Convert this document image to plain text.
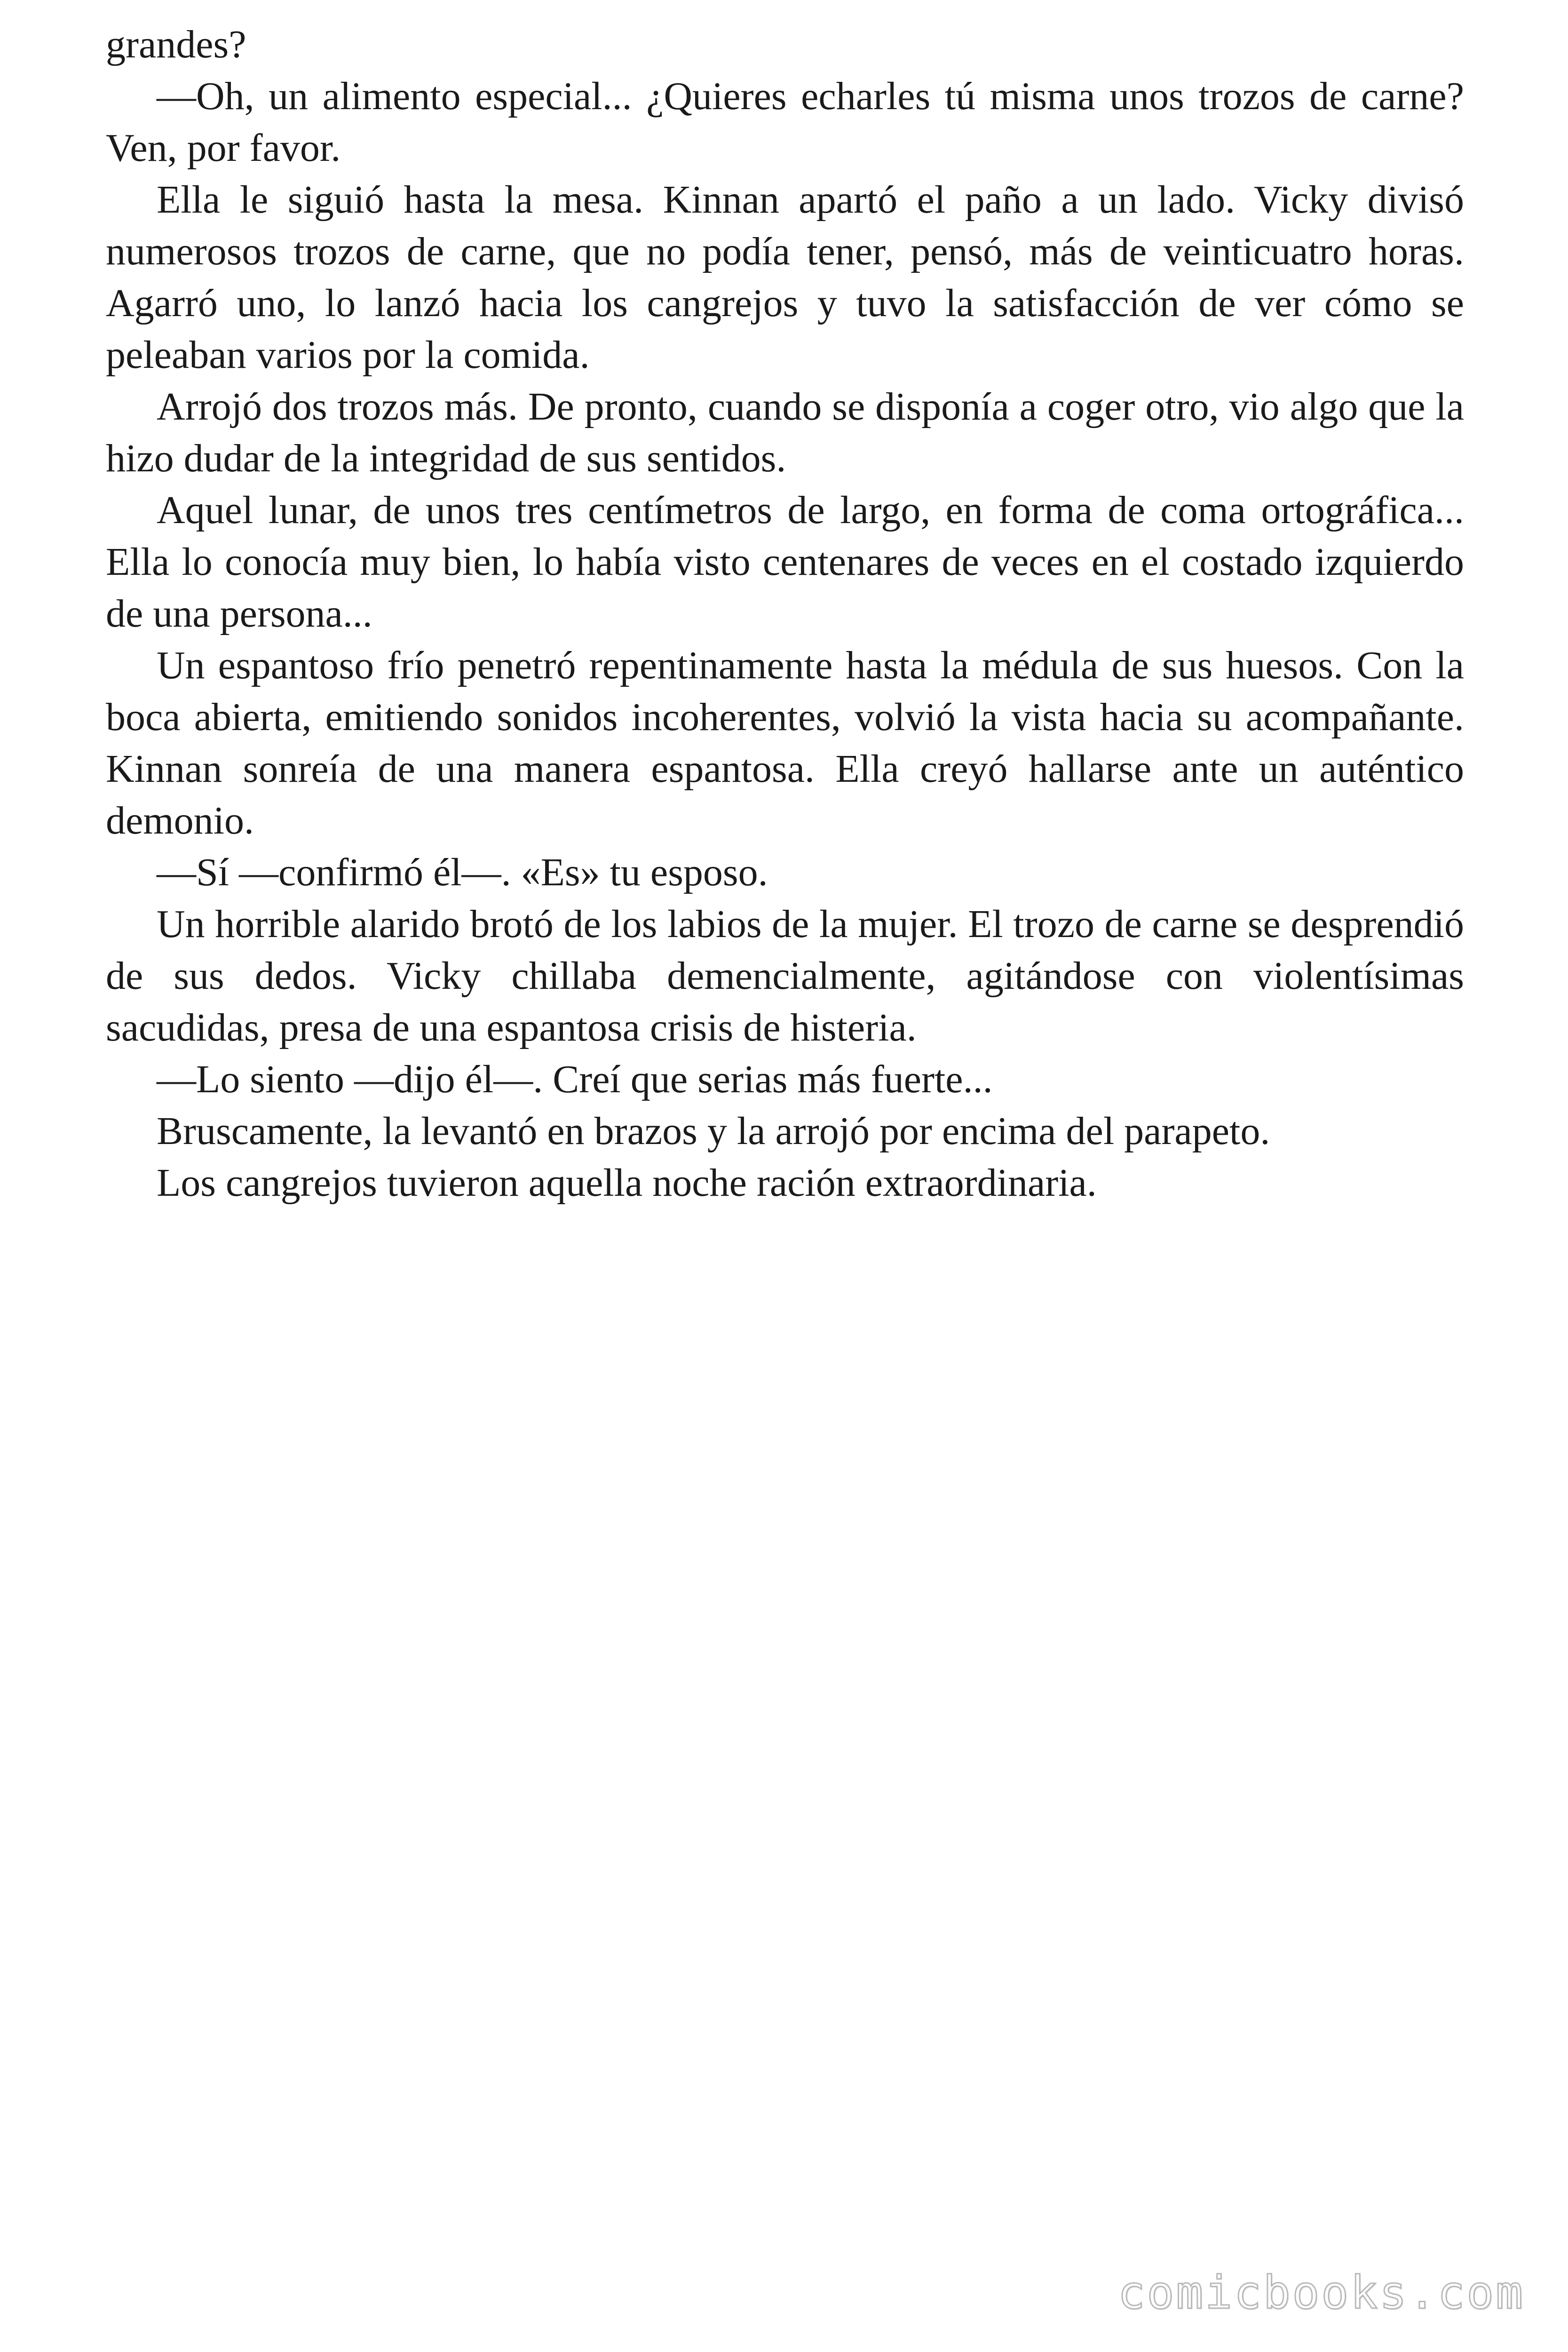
grandes?

—Oh, un alimento especial... ¿Quieres echarles tú misma unos trozos de carne? Ven, por favor.

Ella le siguió hasta la mesa. Kinnan apartó el paño a un lado. Vicky divisó numerosos trozos de carne, que no podía tener, pensó, más de veinticuatro horas. Agarró uno, lo lanzó hacia los cangrejos y tuvo la satisfacción de ver cómo se peleaban varios por la comida.

Arrojó dos trozos más. De pronto, cuando se disponía a coger otro, vio algo que la hizo dudar de la integridad de sus sentidos.

Aquel lunar, de unos tres centímetros de largo, en forma de coma ortográfica... Ella lo conocía muy bien, lo había visto centenares de veces en el costado izquierdo de una persona...

Un espantoso frío penetró repentinamente hasta la médula de sus huesos. Con la boca abierta, emitiendo sonidos incoherentes, volvió la vista hacia su acompañante. Kinnan sonreía de una manera espantosa. Ella creyó hallarse ante un auténtico demonio.

—Sí —confirmó él—. «Es» tu esposo.

Un horrible alarido brotó de los labios de la mujer. El trozo de carne se desprendió de sus dedos. Vicky chillaba demencialmente, agitándose con violentísimas sacudidas, presa de una espantosa crisis de histeria.

—Lo siento —dijo él—. Creí que serias más fuerte...

Bruscamente, la levantó en brazos y la arrojó por encima del parapeto.

Los cangrejos tuvieron aquella noche ración extraordinaria.

comicbooks.com
